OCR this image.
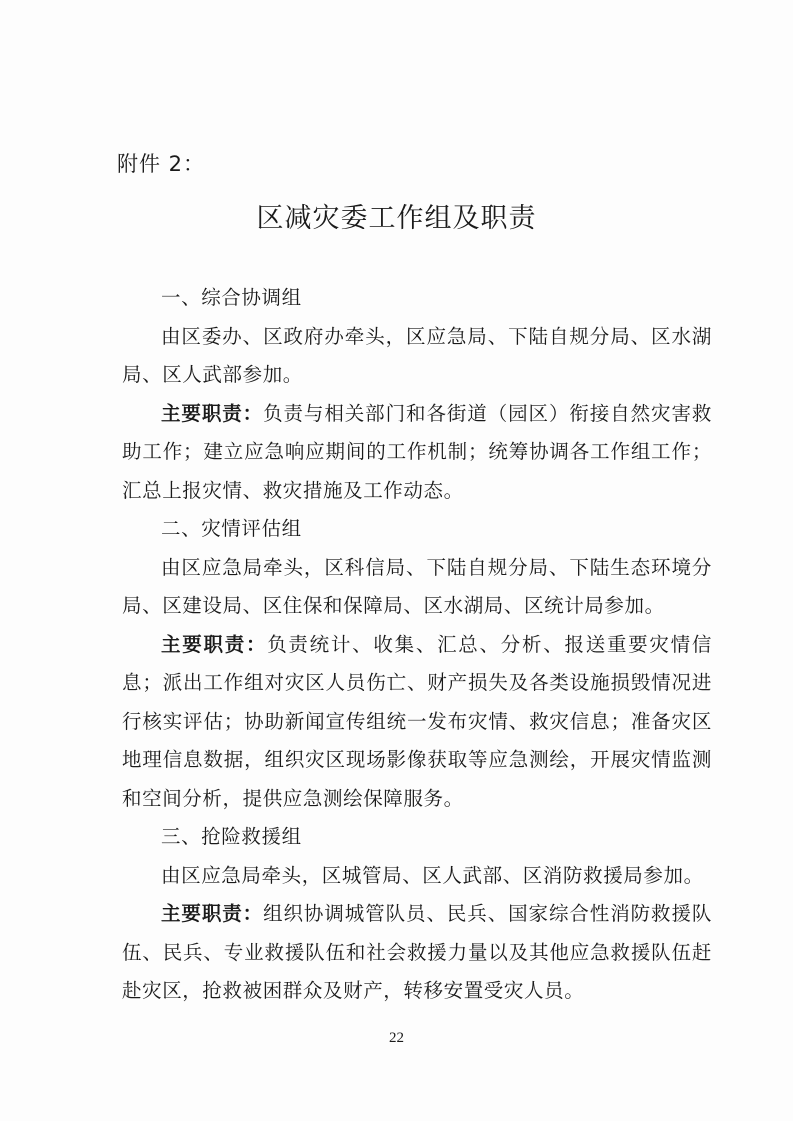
附件 2：
区减灾委工作组及职责

一、综合协调组

由区委办、区政府办牵头，区应急局、下陆自规分局、区水湖局、区人武部参加。

主要职责：负责与相关部门和各街道（园区）衔接自然灾害救助工作；建立应急响应期间的工作机制；统筹协调各工作组工作；汇总上报灾情、救灾措施及工作动态。

二、灾情评估组

由区应急局牵头，区科信局、下陆自规分局、下陆生态环境分局、区建设局、区住保和保障局、区水湖局、区统计局参加。

主要职责：负责统计、收集、汇总、分析、报送重要灾情信息；派出工作组对灾区人员伤亡、财产损失及各类设施损毁情况进行核实评估；协助新闻宣传组统一发布灾情、救灾信息；准备灾区地理信息数据，组织灾区现场影像获取等应急测绘，开展灾情监测和空间分析，提供应急测绘保障服务。

三、抢险救援组

由区应急局牵头，区城管局、区人武部、区消防救援局参加。

主要职责：组织协调城管队员、民兵、国家综合性消防救援队伍、民兵、专业救援队伍和社会救援力量以及其他应急救援队伍赶赴灾区，抢救被困群众及财产，转移安置受灾人员。

22
